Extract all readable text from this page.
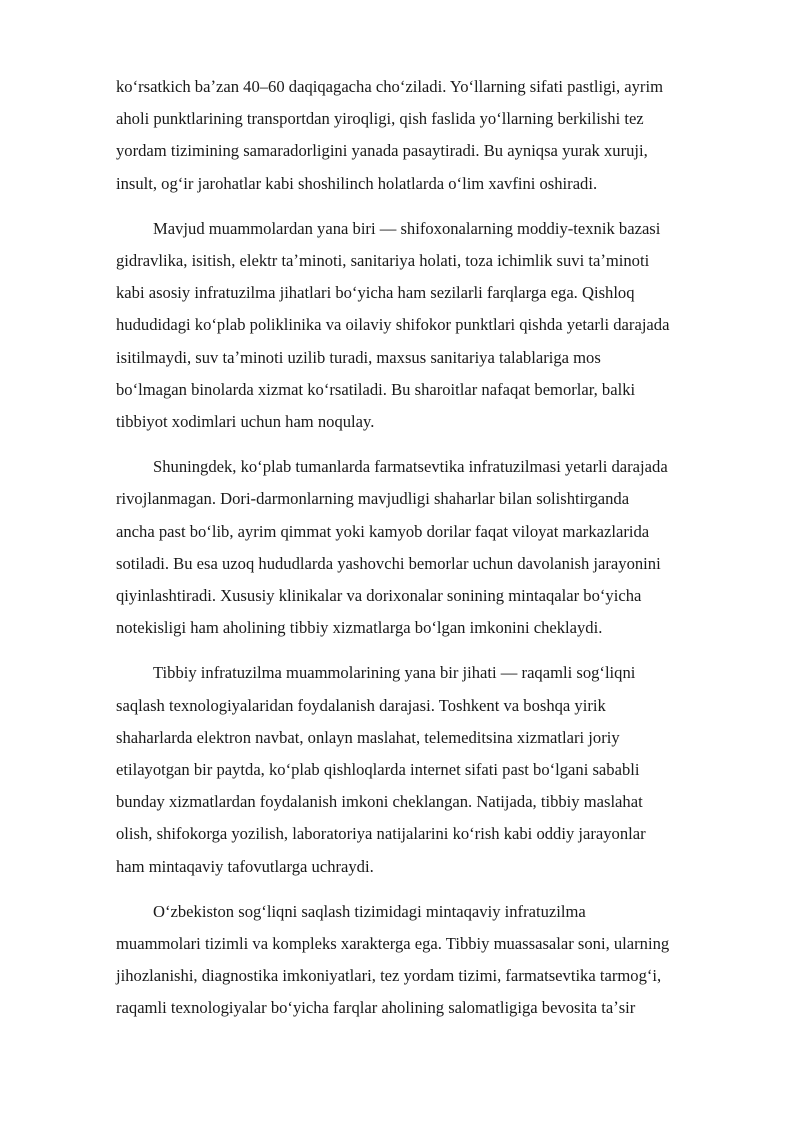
koʻrsatkich baʼzan 40–60 daqiqagacha choʻziladi. Yoʻllarning sifati pastligi, ayrim
aholi punktlarining transportdan yiroqligi, qish faslida yoʻllarning berkilishi tez
yordam tizimining samaradorligini yanada pasaytiradi. Bu ayniqsa yurak xuruji,
insult, ogʻir jarohatlar kabi shoshilinch holatlarda oʻlim xavfini oshiradi.

Mavjud muammolardan yana biri — shifoxonalarning moddiy-texnik bazasi
gidravlika, isitish, elektr taʼminoti, sanitariya holati, toza ichimlik suvi taʼminoti
kabi asosiy infratuzilma jihatlari boʻyicha ham sezilarli farqlarga ega. Qishloq
hududidagi koʻplab poliklinika va oilaviy shifokor punktlari qishda yetarli darajada
isitilmaydi, suv taʼminoti uzilib turadi, maxsus sanitariya talablariga mos
boʻlmagan binolarda xizmat koʻrsatiladi. Bu sharoitlar nafaqat bemorlar, balki
tibbiyot xodimlari uchun ham noqulay.

Shuningdek, koʻplab tumanlarda farmatsevtika infratuzilmasi yetarli darajada
rivojlanmagan. Dori-darmonlarning mavjudligi shaharlar bilan solishtirganda
ancha past boʻlib, ayrim qimmat yoki kamyob dorilar faqat viloyat markazlarida
sotiladi. Bu esa uzoq hududlarda yashovchi bemorlar uchun davolanish jarayonini
qiyinlashtiradi. Xususiy klinikalar va dorixonalar sonining mintaqalar boʻyicha
notekisligi ham aholining tibbiy xizmatlarga boʻlgan imkonini cheklaydi.

Tibbiy infratuzilma muammolarining yana bir jihati — raqamli sogʻliqni
saqlash texnologiyalaridan foydalanish darajasi. Toshkent va boshqa yirik
shaharlarda elektron navbat, onlayn maslahat, telemeditsina xizmatlari joriy
etilayotgan bir paytda, koʻplab qishloqlarda internet sifati past boʻlgani sababli
bunday xizmatlardan foydalanish imkoni cheklangan. Natijada, tibbiy maslahat
olish, shifokorga yozilish, laboratoriya natijalarini koʻrish kabi oddiy jarayonlar
ham mintaqaviy tafovutlarga uchraydi.

Oʻzbekiston sogʻliqni saqlash tizimidagi mintaqaviy infratuzilma
muammolari tizimli va kompleks xarakterga ega. Tibbiy muassasalar soni, ularning
jihozlanishi, diagnostika imkoniyatlari, tez yordam tizimi, farmatsevtika tarmogʻi,
raqamli texnologiyalar boʻyicha farqlar aholining salomatligiga bevosita taʼsir
